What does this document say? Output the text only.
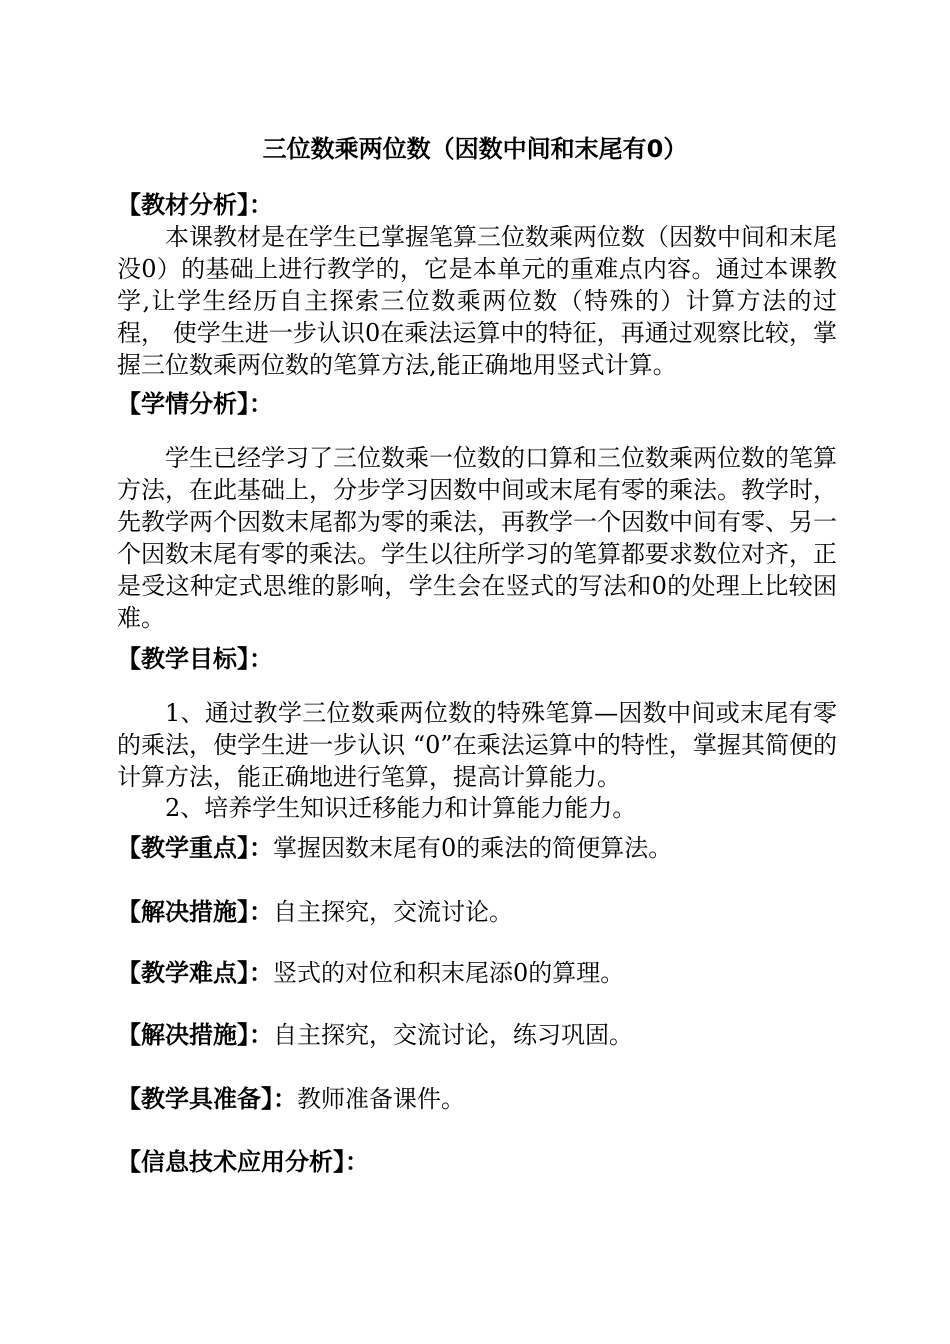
三位数乘两位数（因数中间和末尾有0）
【教材分析】：
本课教材是在学生已掌握笔算三位数乘两位数（因数中间和末尾没0）的基础上进行教学的，它是本单元的重难点内容。通过本课教学,让学生经历自主探索三位数乘两位数（特殊的）计算方法的过程， 使学生进一步认识0在乘法运算中的特征，再通过观察比较，掌握三位数乘两位数的笔算方法,能正确地用竖式计算。
【学情分析】：
学生已经学习了三位数乘一位数的口算和三位数乘两位数的笔算方法，在此基础上，分步学习因数中间或末尾有零的乘法。教学时，先教学两个因数末尾都为零的乘法，再教学一个因数中间有零、另一个因数末尾有零的乘法。学生以往所学习的笔算都要求数位对齐，正是受这种定式思维的影响，学生会在竖式的写法和0的处理上比较困难。
【教学目标】：
1、通过教学三位数乘两位数的特殊笔算—因数中间或末尾有零的乘法，使学生进一步认识 “0”在乘法运算中的特性，掌握其简便的计算方法，能正确地进行笔算，提高计算能力。
2、培养学生知识迁移能力和计算能力能力。
【教学重点】：掌握因数末尾有0的乘法的简便算法。
【解决措施】：自主探究，交流讨论。
【教学难点】：竖式的对位和积末尾添0的算理。
【解决措施】：自主探究，交流讨论，练习巩固。
【教学具准备】：教师准备课件。
【信息技术应用分析】：
